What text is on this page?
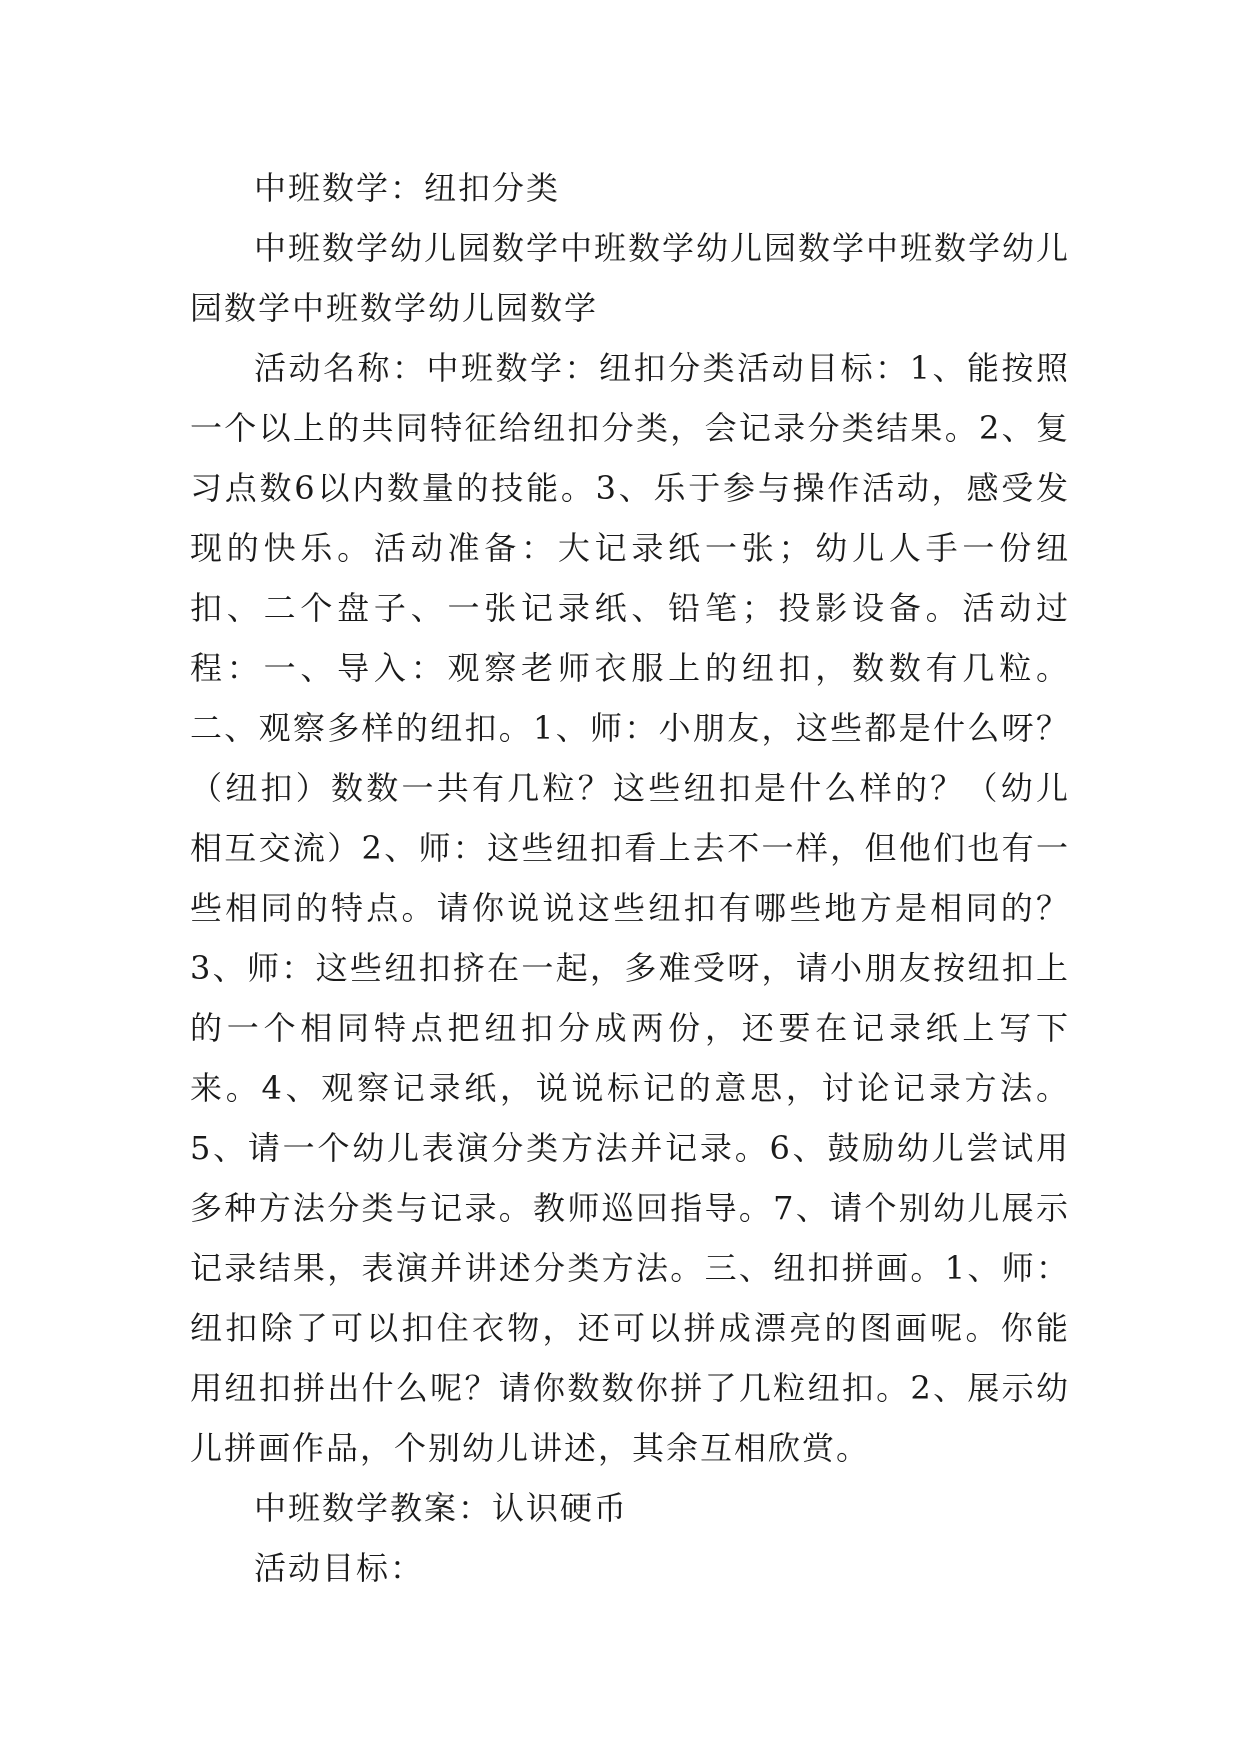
中班数学：纽扣分类

中班数学幼儿园数学中班数学幼儿园数学中班数学幼儿园数学中班数学幼儿园数学

活动名称：中班数学：纽扣分类活动目标：1、能按照一个以上的共同特征给纽扣分类，会记录分类结果。2、复习点数6以内数量的技能。3、乐于参与操作活动，感受发现的快乐。活动准备：大记录纸一张；幼儿人手一份纽扣、二个盘子、一张记录纸、铅笔；投影设备。活动过程：一、导入：观察老师衣服上的纽扣，数数有几粒。二、观察多样的纽扣。1、师：小朋友，这些都是什么呀？（纽扣）数数一共有几粒？这些纽扣是什么样的？（幼儿相互交流）2、师：这些纽扣看上去不一样，但他们也有一些相同的特点。请你说说这些纽扣有哪些地方是相同的？3、师：这些纽扣挤在一起，多难受呀，请小朋友按纽扣上的一个相同特点把纽扣分成两份，还要在记录纸上写下来。4、观察记录纸，说说标记的意思，讨论记录方法。5、请一个幼儿表演分类方法并记录。6、鼓励幼儿尝试用多种方法分类与记录。教师巡回指导。7、请个别幼儿展示记录结果，表演并讲述分类方法。三、纽扣拼画。1、师：纽扣除了可以扣住衣物，还可以拼成漂亮的图画呢。你能用纽扣拼出什么呢？请你数数你拼了几粒纽扣。2、展示幼儿拼画作品，个别幼儿讲述，其余互相欣赏。

中班数学教案：认识硬币

活动目标：
